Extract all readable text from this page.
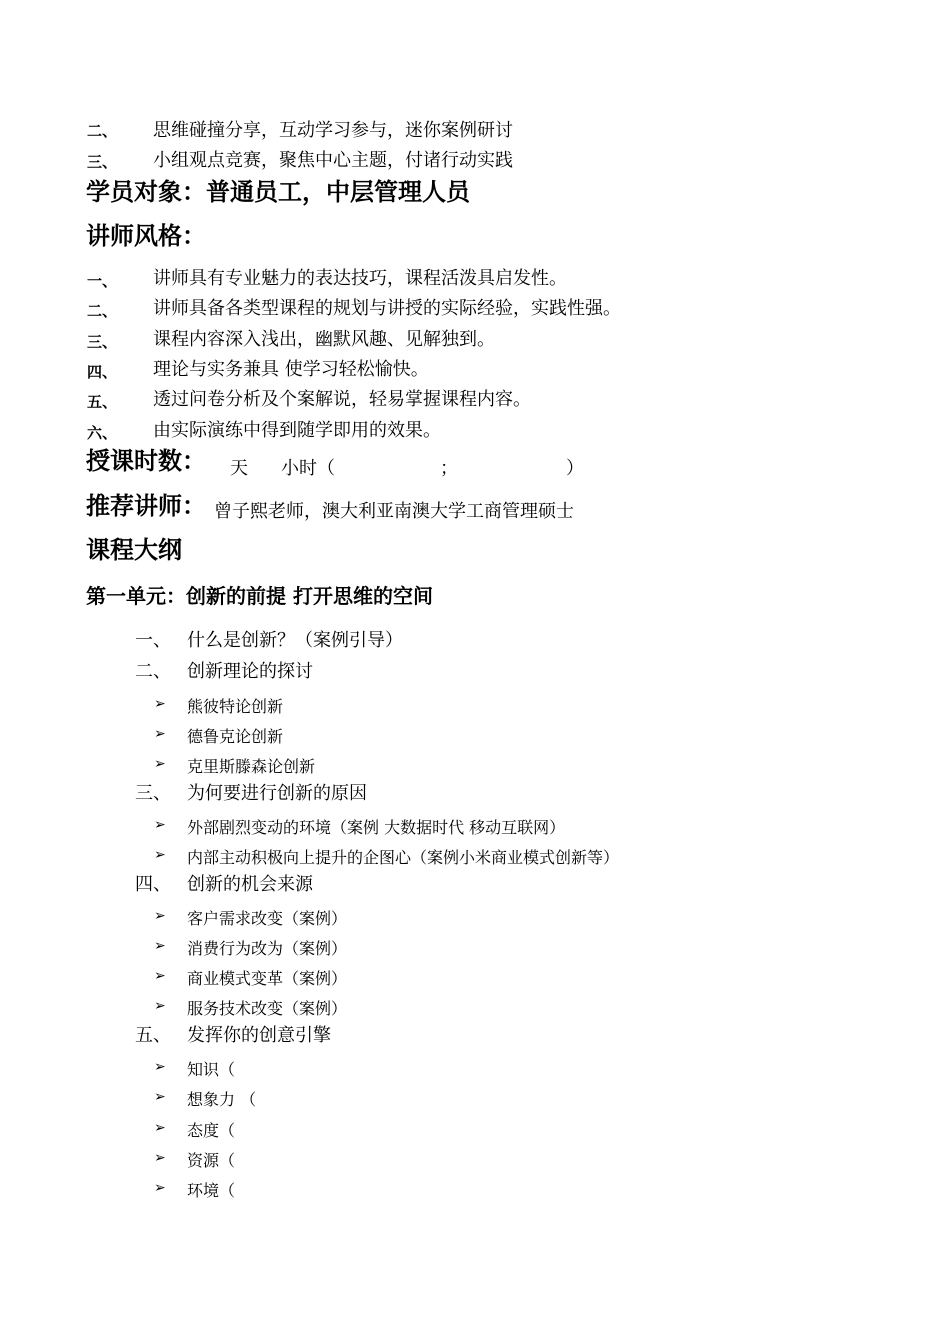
二、 思维碰撞分享，互动学习参与，迷你案例研讨
三、 小组观点竞赛，聚焦中心主题，付诸行动实践
学员对象：普通员工，中层管理人员
讲师风格：
一、 讲师具有专业魅力的表达技巧，课程活泼具启发性。
二、 讲师具备各类型课程的规划与讲授的实际经验，实践性强。
三、 课程内容深入浅出，幽默风趣、见解独到。
四、 理论与实务兼具 使学习轻松愉快。
五、 透过问卷分析及个案解说，轻易掌握课程内容。
六、 由实际演练中得到随学即用的效果。
授课时数： 天 小时（	；	）
推荐讲师： 曾子熙老师，澳大利亚南澳大学工商管理硕士
课程大纲
第一单元：创新的前提 打开思维的空间
一、 什么是创新？（案例引导）
二、 创新理论的探讨
➢ 熊彼特论创新
➢ 德鲁克论创新
➢ 克里斯滕森论创新
三、 为何要进行创新的原因
➢ 外部剧烈变动的环境（案例 大数据时代 移动互联网）
➢ 内部主动积极向上提升的企图心（案例小米商业模式创新等）
四、 创新的机会来源
➢ 客户需求改变（案例）
➢ 消费行为改为（案例）
➢ 商业模式变革（案例）
➢ 服务技术改变（案例）
五、 发挥你的创意引擎
➢ 知识（
➢ 想象力 （
➢ 态度（
➢ 资源（
➢ 环境（
